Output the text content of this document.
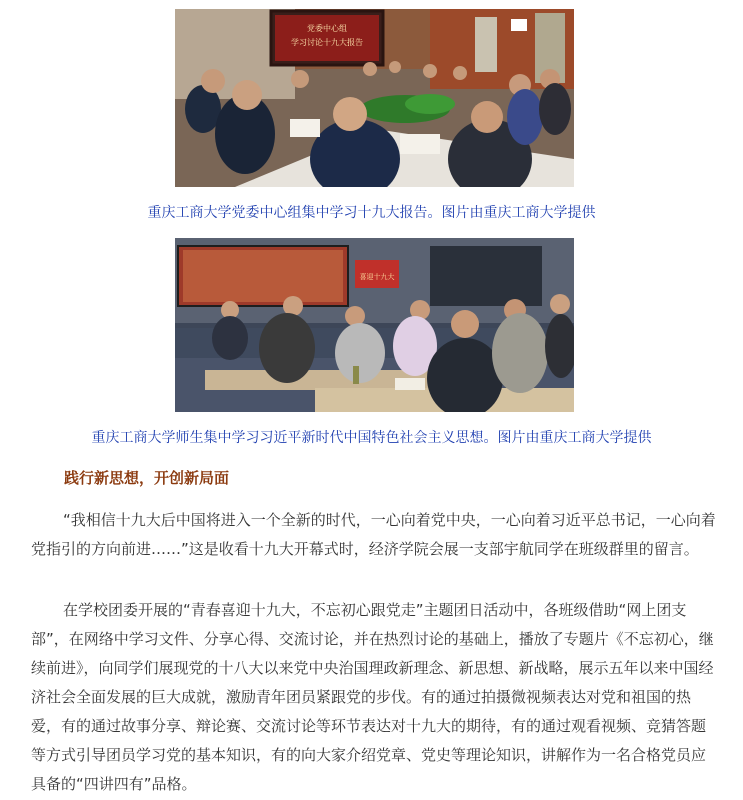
党委中心组
学习讨论十九大报告
重庆工商大学党委中心组集中学习十九大报告。图片由重庆工商大学提供
喜迎十九大
重庆工商大学师生集中学习习近平新时代中国特色社会主义思想。图片由重庆工商大学提供
践行新思想，开创新局面

“我相信十九大后中国将进入一个全新的时代，一心向着党中央，一心向着习近平总书记，一心向着党指引的方向前进……”这是收看十九大开幕式时，经济学院会展一支部宇航同学在班级群里的留言。

在学校团委开展的“青春喜迎十九大，不忘初心跟党走”主题团日活动中，各班级借助“网上团支部”，在网络中学习文件、分享心得、交流讨论，并在热烈讨论的基础上，播放了专题片《不忘初心，继续前进》，向同学们展现党的十八大以来党中央治国理政新理念、新思想、新战略，展示五年以来中国经济社会全面发展的巨大成就，激励青年团员紧跟党的步伐。有的通过拍摄微视频表达对党和祖国的热爱，有的通过故事分享、辩论赛、交流讨论等环节表达对十九大的期待，有的通过观看视频、竞猜答题等方式引导团员学习党的基本知识，有的向大家介绍党章、党史等理论知识，讲解作为一名合格党员应具备的“四讲四有”品格。
